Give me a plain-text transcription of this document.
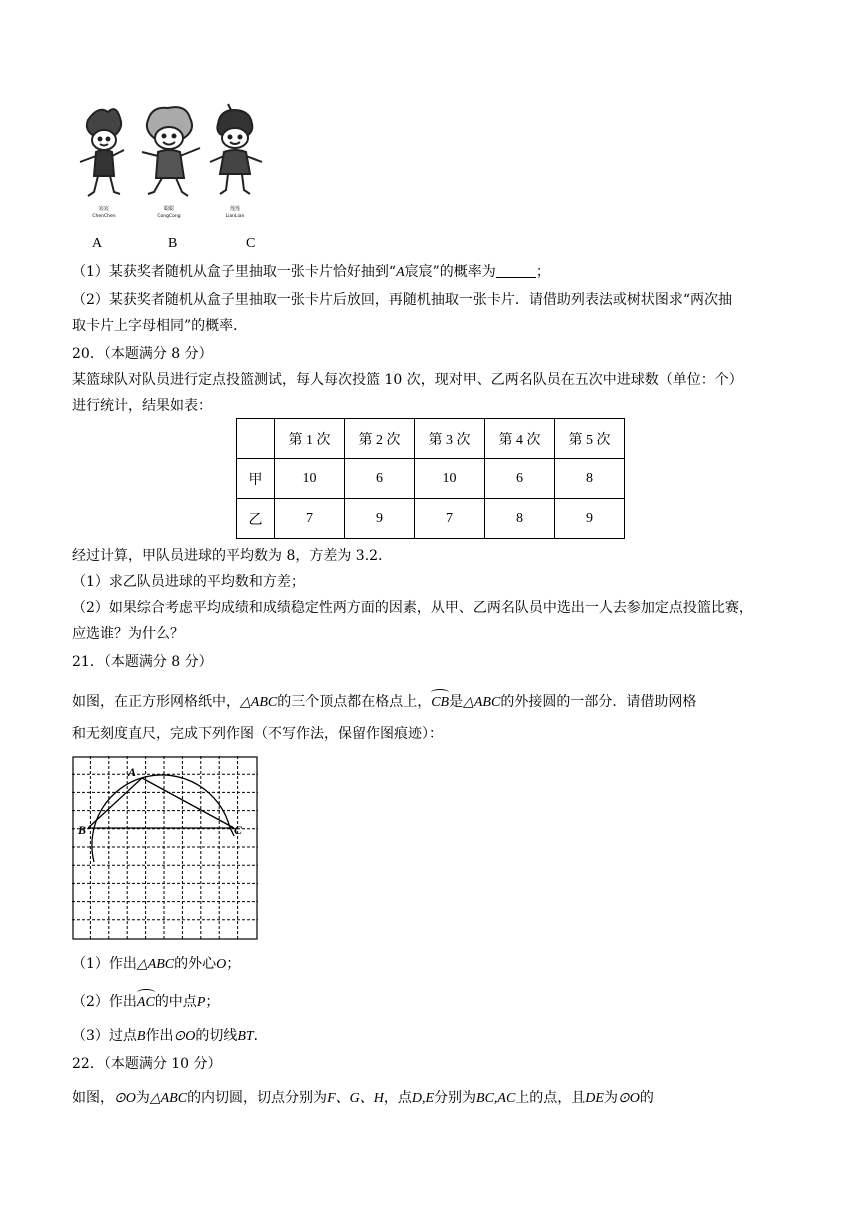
宸宸
ChenChen
聪聪
CongCong
莲莲
LianLian
A	B	C
（1）某获奖者随机从盒子里抽取一张卡片恰好抽到“A宸宸”的概率为	；
（2）某获奖者随机从盒子里抽取一张卡片后放回，再随机抽取一张卡片．请借助列表法或树状图求“两次抽
取卡片上字母相同”的概率．
20．（本题满分 8 分）
某篮球队对队员进行定点投篮测试，每人每次投篮 10 次，现对甲、乙两名队员在五次中进球数（单位：个）
进行统计，结果如表：
	第 1 次	第 2 次	第 3 次	第 4 次	第 5 次
甲	10	6	10	6	8
乙	7	9	7	8	9
经过计算，甲队员进球的平均数为 8，方差为 3.2．
（1）求乙队员进球的平均数和方差；
（2）如果综合考虑平均成绩和成绩稳定性两方面的因素，从甲、乙两名队员中选出一人去参加定点投篮比赛，
应选谁？为什么？
21．（本题满分 8 分）
如图，在正方形网格纸中，△ABC的三个顶点都在格点上，CB是△ABC的外接圆的一部分．请借助网格
和无刻度直尺，完成下列作图（不写作法，保留作图痕迹）：
A
B	C
（1）作出△ABC的外心O；
（2）作出AC的中点P；
（3）过点B作出⊙O的切线BT．
22．（本题满分 10 分）
如图，⊙O为△ABC的内切圆，切点分别为F、G、H，点D,E分别为BC,AC上的点，且DE为⊙O的
